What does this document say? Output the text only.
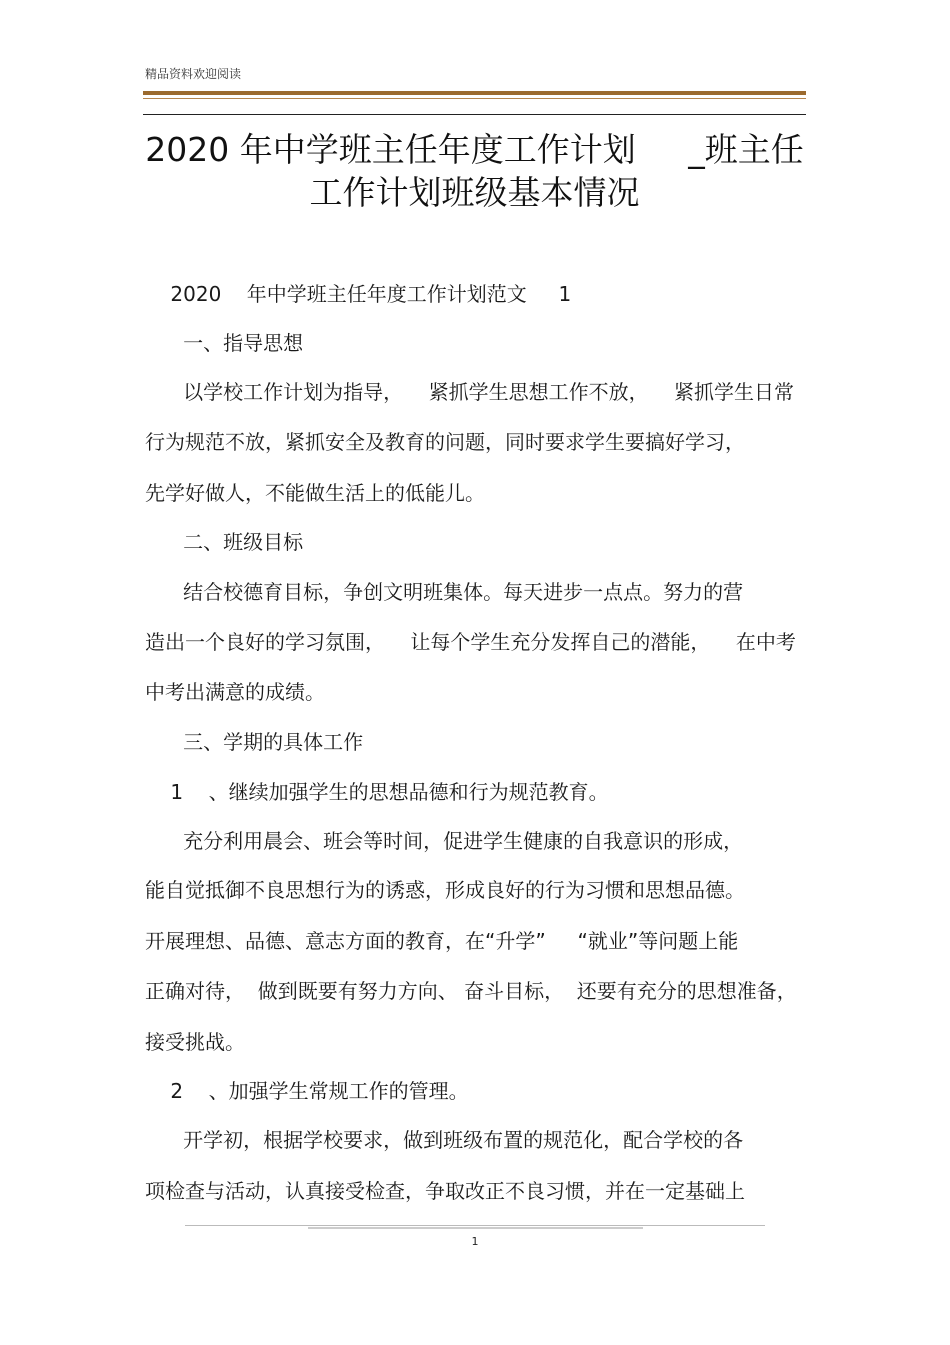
精品资料欢迎阅读
2020 年中学班主任年度工作计划     _班主任
工作计划班级基本情况

2020    年中学班主任年度工作计划范文     1

一、指导思想

以学校工作计划为指导，    紧抓学生思想工作不放，    紧抓学生日常

行为规范不放，紧抓安全及教育的问题，同时要求学生要搞好学习，

先学好做人，不能做生活上的低能儿。

二、班级目标

结合校德育目标，争创文明班集体。每天进步一点点。努力的营

造出一个良好的学习氛围，    让每个学生充分发挥自己的潜能，    在中考

中考出满意的成绩。

三、学期的具体工作

1    、继续加强学生的思想品德和行为规范教育。

充分利用晨会、班会等时间，促进学生健康的自我意识的形成，

能自觉抵御不良思想行为的诱惑，形成良好的行为习惯和思想品德。

开展理想、品德、意志方面的教育，在“升学”     “就业”等问题上能

正确对待，  做到既要有努力方向、 奋斗目标，  还要有充分的思想准备，

接受挑战。

2    、加强学生常规工作的管理。

开学初，根据学校要求，做到班级布置的规范化，配合学校的各

项检查与活动，认真接受检查，争取改正不良习惯，并在一定基础上

1
